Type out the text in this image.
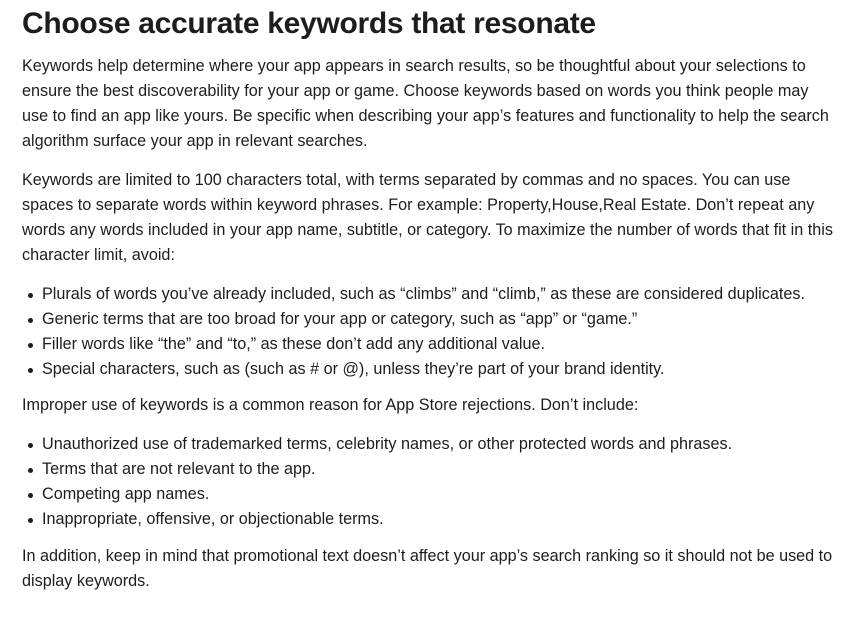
Choose accurate keywords that resonate

Keywords help determine where your app appears in search results, so be thoughtful about your selections to ensure the best discoverability for your app or game. Choose keywords based on words you think people may use to find an app like yours. Be specific when describing your app’s features and functionality to help the search algorithm surface your app in relevant searches.

Keywords are limited to 100 characters total, with terms separated by commas and no spaces. You can use spaces to separate words within keyword phrases. For example: Property,House,Real Estate. Don’t repeat any words any words included in your app name, subtitle, or category. To maximize the number of words that fit in this character limit, avoid:

Plurals of words you’ve already included, such as “climbs” and “climb,” as these are considered duplicates.
Generic terms that are too broad for your app or category, such as “app” or “game.”
Filler words like “the” and “to,” as these don’t add any additional value.
Special characters, such as (such as # or @), unless they’re part of your brand identity.

Improper use of keywords is a common reason for App Store rejections. Don’t include:

Unauthorized use of trademarked terms, celebrity names, or other protected words and phrases.
Terms that are not relevant to the app.
Competing app names.
Inappropriate, offensive, or objectionable terms.

In addition, keep in mind that promotional text doesn’t affect your app’s search ranking so it should not be used to display keywords.
